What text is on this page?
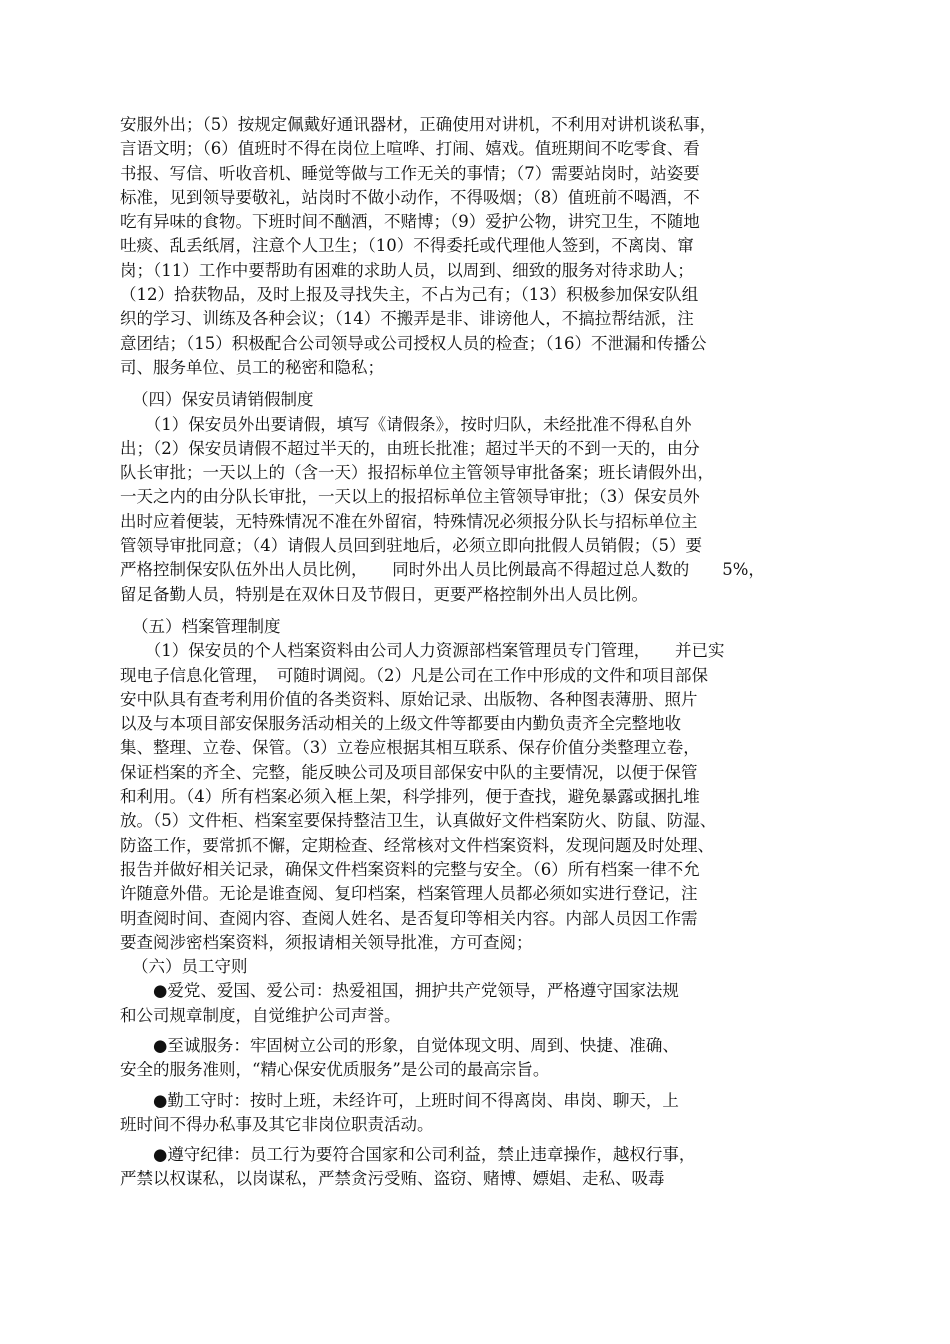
安服外出；（5）按规定佩戴好通讯器材，正确使用对讲机，不利用对讲机谈私事，
言语文明；（6）值班时不得在岗位上喧哗、打闹、嬉戏。值班期间不吃零食、看
书报、写信、听收音机、睡觉等做与工作无关的事情；（7）需要站岗时，站姿要
标准，见到领导要敬礼，站岗时不做小动作，不得吸烟；（8）值班前不喝酒，不
吃有异味的食物。下班时间不酗酒，不赌博；（9）爱护公物，讲究卫生，不随地
吐痰、乱丢纸屑，注意个人卫生；（10）不得委托或代理他人签到，不离岗、窜
岗；（11）工作中要帮助有困难的求助人员，以周到、细致的服务对待求助人；
（12）拾获物品，及时上报及寻找失主，不占为己有；（13）积极参加保安队组
织的学习、训练及各种会议；（14）不搬弄是非、诽谤他人，不搞拉帮结派，注
意团结；（15）积极配合公司领导或公司授权人员的检查；（16）不泄漏和传播公
司、服务单位、员工的秘密和隐私；

（四）保安员请销假制度

　　（1）保安员外出要请假，填写《请假条》，按时归队，未经批准不得私自外
出；（2）保安员请假不超过半天的，由班长批准；超过半天的不到一天的，由分
队长审批；一天以上的（含一天）报招标单位主管领导审批备案；班长请假外出，
一天之内的由分队长审批，一天以上的报招标单位主管领导审批；（3）保安员外
出时应着便装，无特殊情况不准在外留宿，特殊情况必须报分队长与招标单位主
管领导审批同意；（4）请假人员回到驻地后，必须立即向批假人员销假；（5）要
严格控制保安队伍外出人员比例，　　同时外出人员比例最高不得超过总人数的　　5%，
留足备勤人员，特别是在双休日及节假日，更要严格控制外出人员比例。

（五）档案管理制度

　　（1）保安员的个人档案资料由公司人力资源部档案管理员专门管理，　　并已实
现电子信息化管理，　可随时调阅。（2）凡是公司在工作中形成的文件和项目部保
安中队具有查考利用价值的各类资料、原始记录、出版物、各种图表薄册、照片
以及与本项目部安保服务活动相关的上级文件等都要由内勤负责齐全完整地收
集、整理、立卷、保管。（3）立卷应根据其相互联系、保存价值分类整理立卷，
保证档案的齐全、完整，能反映公司及项目部保安中队的主要情况，以便于保管
和利用。（4）所有档案必须入框上架，科学排列，便于查找，避免暴露或捆扎堆
放。（5）文件柜、档案室要保持整洁卫生，认真做好文件档案防火、防鼠、防湿、
防盗工作，要常抓不懈，定期检查、经常核对文件档案资料，发现问题及时处理、
报告并做好相关记录，确保文件档案资料的完整与安全。（6）所有档案一律不允
许随意外借。无论是谁查阅、复印档案，档案管理人员都必须如实进行登记，注
明查阅时间、查阅内容、查阅人姓名、是否复印等相关内容。内部人员因工作需
要查阅涉密档案资料，须报请相关领导批准，方可查阅；

（六）员工守则

　　●爱党、爱国、爱公司：热爱祖国，拥护共产党领导，严格遵守国家法规
和公司规章制度，自觉维护公司声誉。

　　●至诚服务：牢固树立公司的形象，自觉体现文明、周到、快捷、准确、
安全的服务准则，“精心保安优质服务”是公司的最高宗旨。

　　●勤工守时：按时上班，未经许可，上班时间不得离岗、串岗、聊天，上
班时间不得办私事及其它非岗位职责活动。

　　●遵守纪律：员工行为要符合国家和公司利益，禁止违章操作，越权行事，
严禁以权谋私，以岗谋私，严禁贪污受贿、盗窃、赌博、嫖娼、走私、吸毒
